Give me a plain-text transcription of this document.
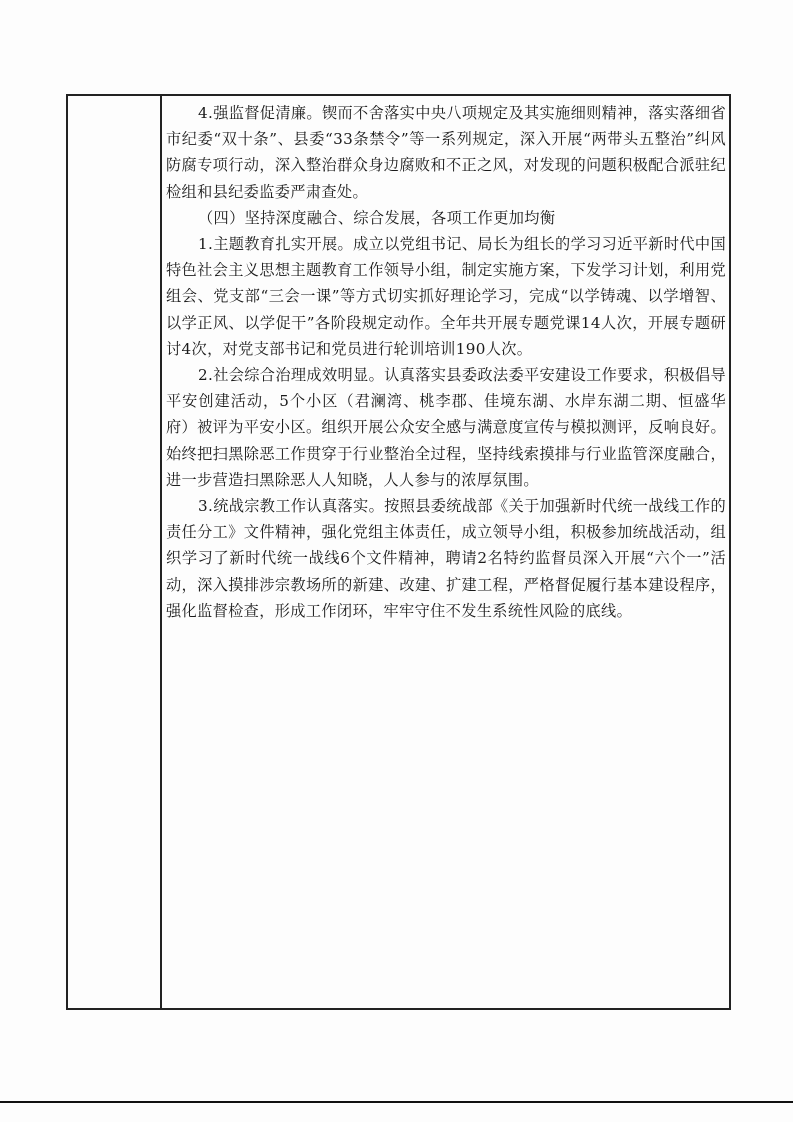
4.强监督促清廉。锲而不舍落实中央八项规定及其实施细则精神，落实落细省市纪委“双十条”、县委“33条禁令”等一系列规定，深入开展“两带头五整治”纠风防腐专项行动，深入整治群众身边腐败和不正之风，对发现的问题积极配合派驻纪检组和县纪委监委严肃查处。

（四）坚持深度融合、综合发展，各项工作更加均衡

1.主题教育扎实开展。成立以党组书记、局长为组长的学习习近平新时代中国特色社会主义思想主题教育工作领导小组，制定实施方案，下发学习计划，利用党组会、党支部“三会一课”等方式切实抓好理论学习，完成“以学铸魂、以学增智、以学正风、以学促干”各阶段规定动作。全年共开展专题党课14人次，开展专题研讨4次，对党支部书记和党员进行轮训培训190人次。

2.社会综合治理成效明显。认真落实县委政法委平安建设工作要求，积极倡导平安创建活动，5个小区（君澜湾、桃李郡、佳境东湖、水岸东湖二期、恒盛华府）被评为平安小区。组织开展公众安全感与满意度宣传与模拟测评，反响良好。始终把扫黑除恶工作贯穿于行业整治全过程，坚持线索摸排与行业监管深度融合，进一步营造扫黑除恶人人知晓，人人参与的浓厚氛围。

3.统战宗教工作认真落实。按照县委统战部《关于加强新时代统一战线工作的责任分工》文件精神，强化党组主体责任，成立领导小组，积极参加统战活动，组织学习了新时代统一战线6个文件精神，聘请2名特约监督员深入开展“六个一”活动，深入摸排涉宗教场所的新建、改建、扩建工程，严格督促履行基本建设程序，强化监督检查，形成工作闭环，牢牢守住不发生系统性风险的底线。
